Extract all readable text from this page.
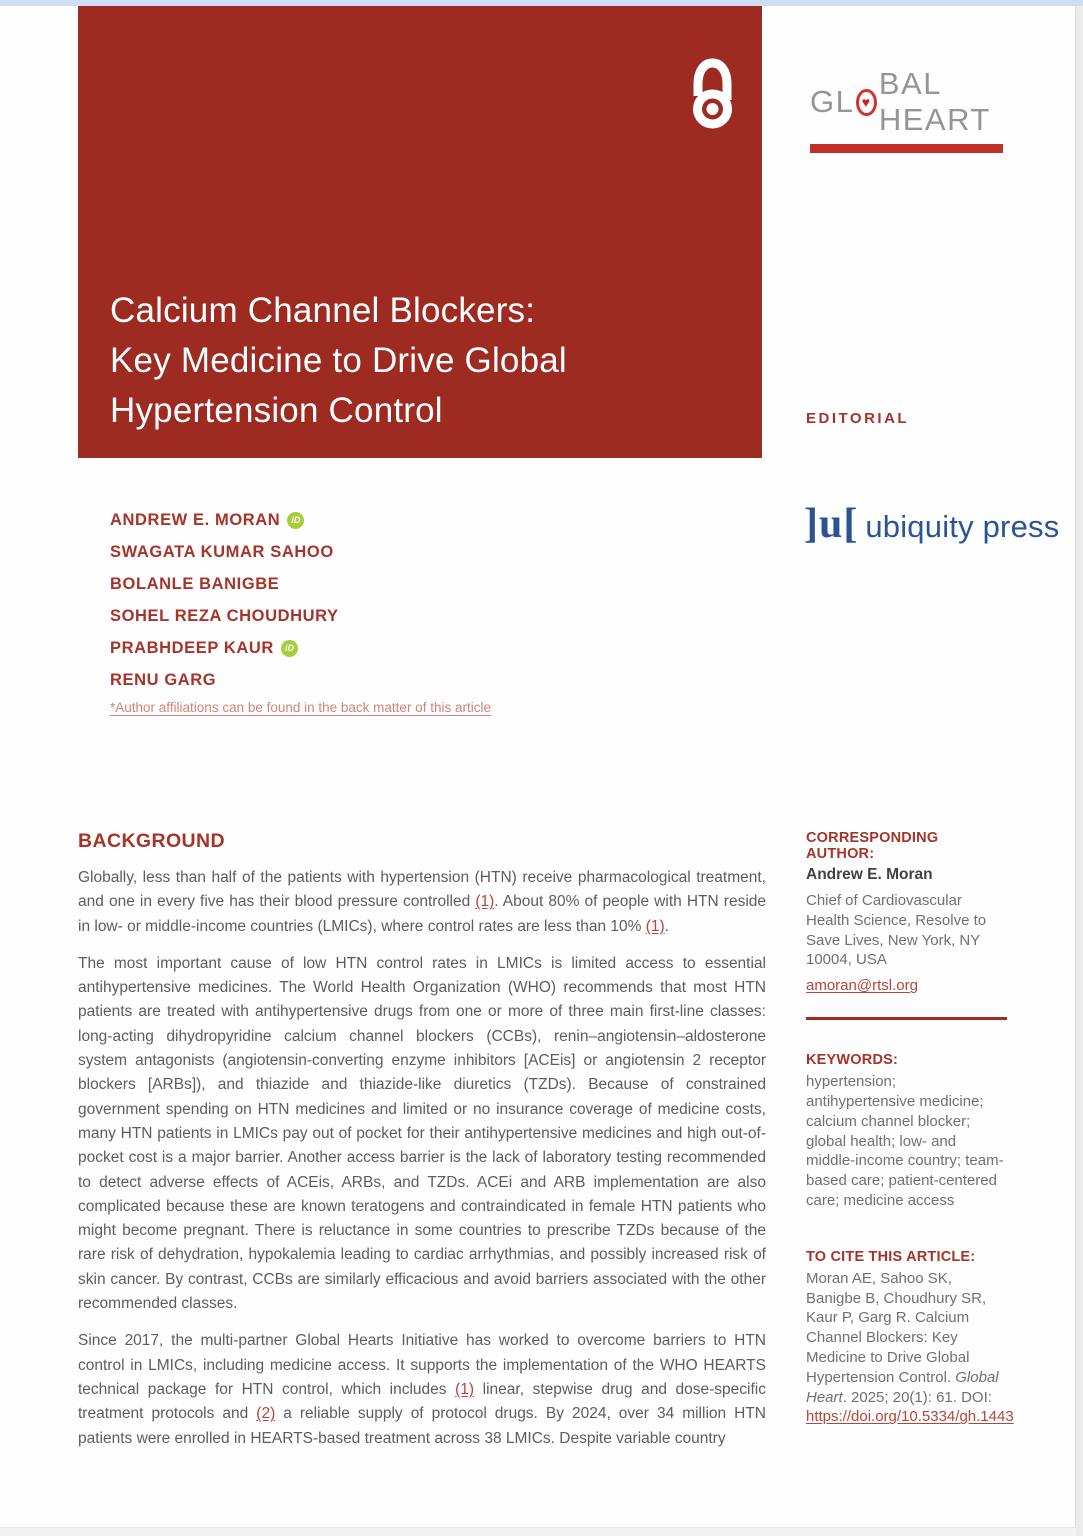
Calcium Channel Blockers:
Key Medicine to Drive Global
Hypertension Control
GL ♥
BAL HEART
EDITORIAL
]u[ ubiquity press
ANDREW E. MORAN	iD
SWAGATA KUMAR SAHOO
BOLANLE BANIGBE
SOHEL REZA CHOUDHURY
PRABHDEEP KAUR	iD
RENU GARG
*Author affiliations can be found in the back matter of this article
BACKGROUND

Globally, less than half of the patients with hypertension (HTN) receive pharmacological treatment, and one in every five has their blood pressure controlled (1). About 80% of people with HTN reside in low- or middle-income countries (LMICs), where control rates are less than 10% (1).

The most important cause of low HTN control rates in LMICs is limited access to essential antihypertensive medicines. The World Health Organization (WHO) recommends that most HTN patients are treated with antihypertensive drugs from one or more of three main first-line classes: long-acting dihydropyridine calcium channel blockers (CCBs), renin–angiotensin–aldosterone system antagonists (angiotensin-converting enzyme inhibitors [ACEis] or angiotensin 2 receptor blockers [ARBs]), and thiazide and thiazide-like diuretics (TZDs). Because of constrained government spending on HTN medicines and limited or no insurance coverage of medicine costs, many HTN patients in LMICs pay out of pocket for their antihypertensive medicines and high out-of-pocket cost is a major barrier. Another access barrier is the lack of laboratory testing recommended to detect adverse effects of ACEis, ARBs, and TZDs. ACEi and ARB implementation are also complicated because these are known teratogens and contraindicated in female HTN patients who might become pregnant. There is reluctance in some countries to prescribe TZDs because of the rare risk of dehydration, hypokalemia leading to cardiac arrhythmias, and possibly increased risk of skin cancer. By contrast, CCBs are similarly efficacious and avoid barriers associated with the other recommended classes.

Since 2017, the multi-partner Global Hearts Initiative has worked to overcome barriers to HTN control in LMICs, including medicine access. It supports the implementation of the WHO HEARTS technical package for HTN control, which includes (1) linear, stepwise drug and dose-specific treatment protocols and (2) a reliable supply of protocol drugs. By 2024, over 34 million HTN patients were enrolled in HEARTS-based treatment across 38 LMICs. Despite variable country

CORRESPONDING AUTHOR:

Andrew E. Moran

Chief of Cardiovascular Health Science, Resolve to Save Lives, New York, NY 10004, USA

amoran@rtsl.org

KEYWORDS:

hypertension; antihypertensive medicine; calcium channel blocker; global health; low- and middle-income country; team-based care; patient-centered care; medicine access

TO CITE THIS ARTICLE:

Moran AE, Sahoo SK, Banigbe B, Choudhury SR, Kaur P, Garg R. Calcium Channel Blockers: Key Medicine to Drive Global Hypertension Control. Global Heart. 2025; 20(1): 61. DOI: https://doi.org/10.5334/gh.1443
